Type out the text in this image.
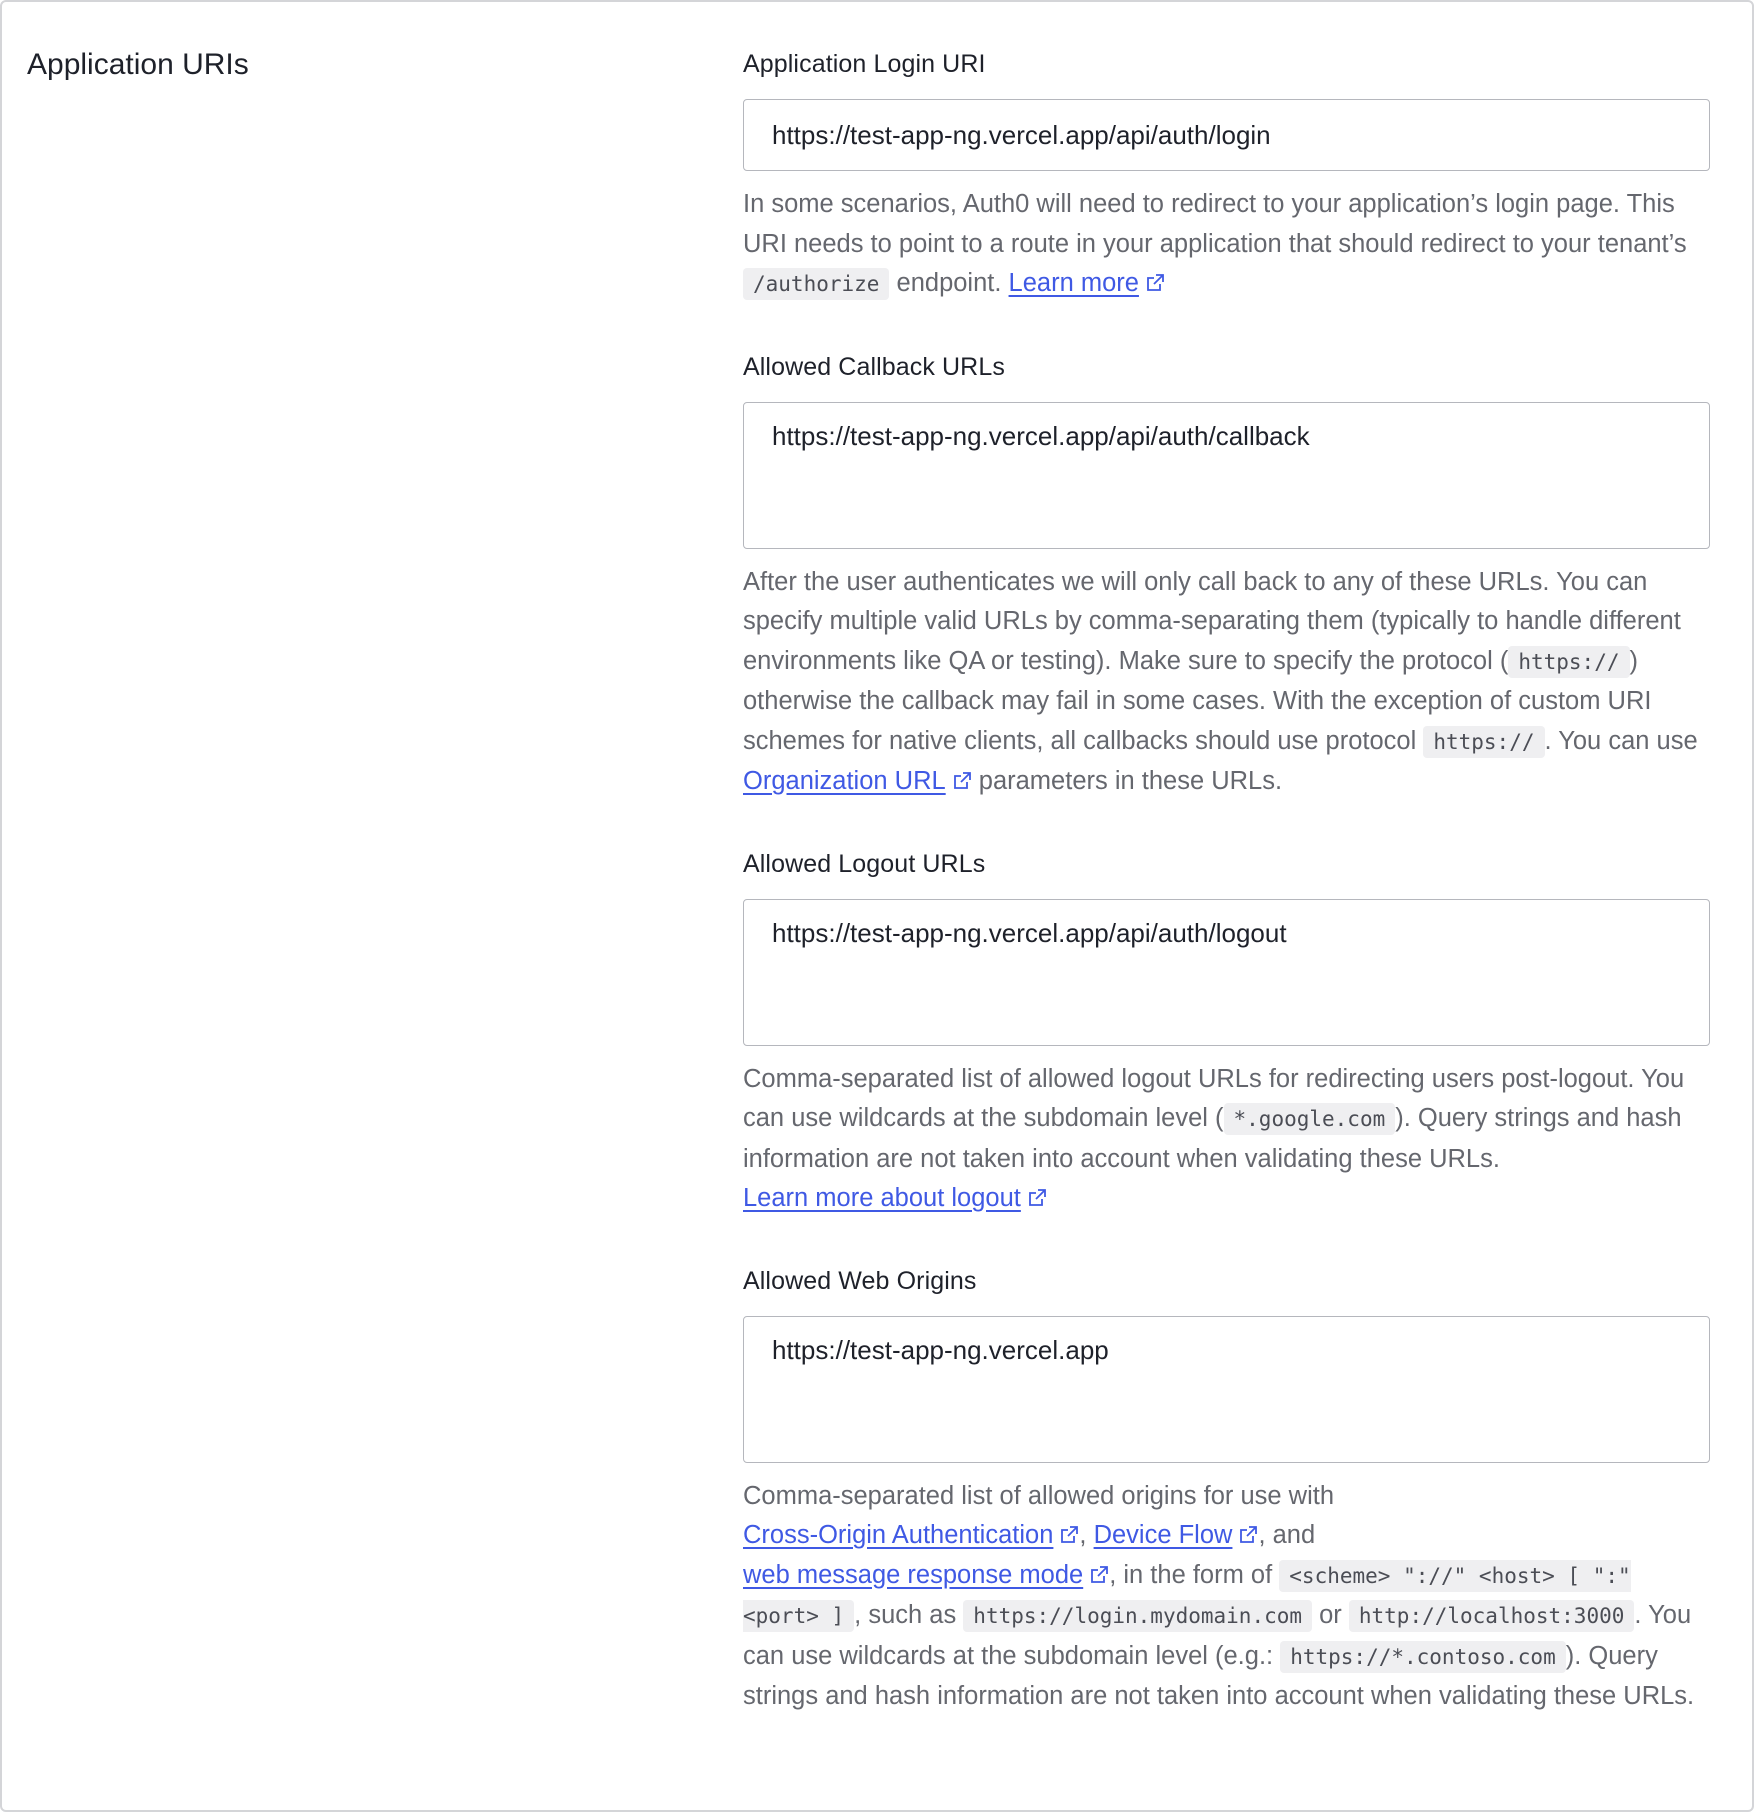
Application URIs	Application Login URI
https://test-app-ng.vercel.app/api/auth/login

In some scenarios, Auth0 will need to redirect to your application’s login page. This URI needs to point to a route in your application that should redirect to your tenant’s /authorize endpoint. Learn more

Allowed Callback URLs
https://test-app-ng.vercel.app/api/auth/callback

After the user authenticates we will only call back to any of these URLs. You can specify multiple valid URLs by comma-separating them (typically to handle different environments like QA or testing). Make sure to specify the protocol ( https:// ) otherwise the callback may fail in some cases. With the exception of custom URI schemes for native clients, all callbacks should use protocol https:// . You can use Organization URL
parameters in these URLs.

Allowed Logout URLs
https://test-app-ng.vercel.app/api/auth/logout

Comma-separated list of allowed logout URLs for redirecting users post-logout. You can use wildcards at the subdomain level ( *.google.com ). Query strings and hash information are not taken into account when validating these URLs.
Learn more about logout

Allowed Web Origins
https://test-app-ng.vercel.app

Comma-separated list of allowed origins for use with
Cross-Origin Authentication , Device Flow , and
web message response mode , in the form of <scheme> "://" <host> [ ":" <port> ] , such as https://login.mydomain.com or http://localhost:3000 . You can use wildcards at the subdomain level (e.g.: https://*.contoso.com ). Query strings and hash information are not taken into account when validating these URLs.
